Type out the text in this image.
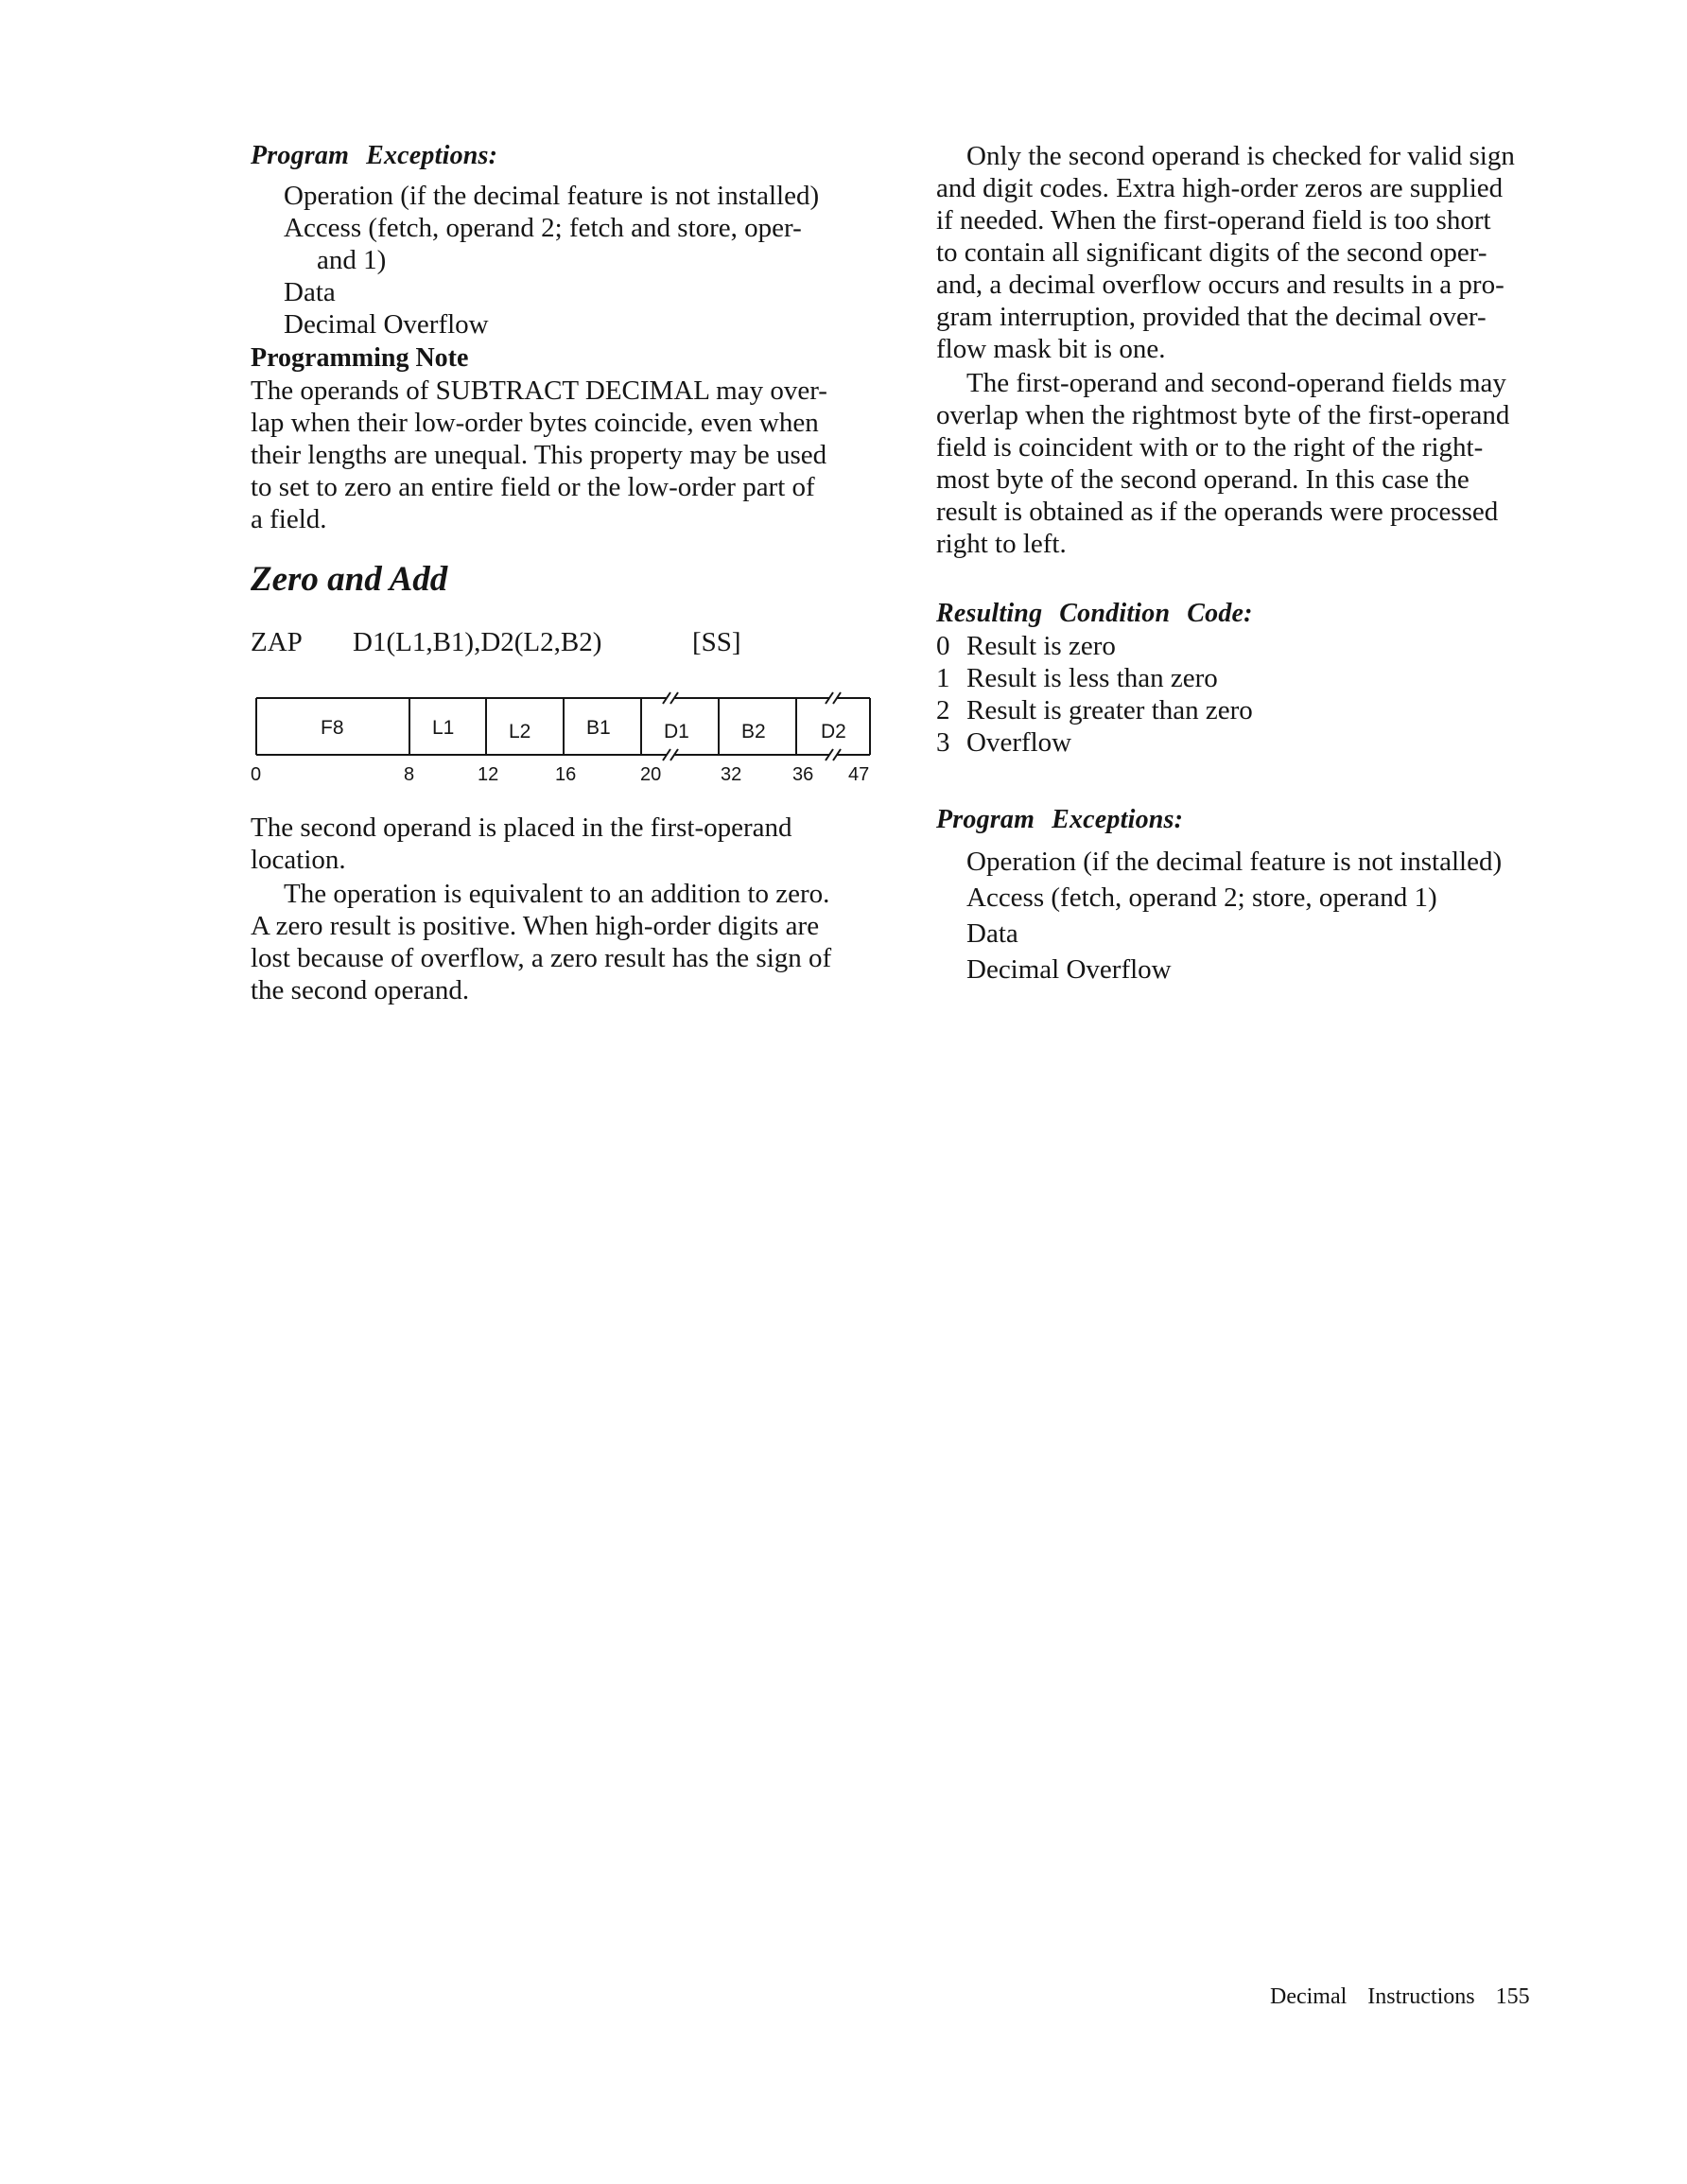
Program Exceptions:
Operation (if the decimal feature is not installed)
Access (fetch, operand 2; fetch and store, oper-
and 1)
Data
Decimal Overflow
Programming Note
The operands of SUBTRACT DECIMAL may over-
lap when their low-order bytes coincide, even when
their lengths are unequal. This property may be used
to set to zero an entire field or the low-order part of
a field.
Zero and Add
ZAP D1(L1,B1),D2(L2,B2)	[SS]
F8	L1	L2	B1	D1	B2	D2
0	8	12	16	20	32	36 47
The second operand is placed in the first-operand
location.
The operation is equivalent to an addition to zero.
A zero result is positive. When high-order digits are
lost because of overflow, a zero result has the sign of
the second operand.
Only the second operand is checked for valid sign
and digit codes. Extra high-order zeros are supplied
if needed. When the first-operand field is too short
to contain all significant digits of the second oper-
and, a decimal overflow occurs and results in a pro-
gram interruption, provided that the decimal over-
flow mask bit is one.
The first-operand and second-operand fields may
overlap when the rightmost byte of the first-operand
field is coincident with or to the right of the right-
most byte of the second operand. In this case the
result is obtained as if the operands were processed
right to left.
Resulting Condition Code:
0 Result is zero
1 Result is less than zero
2 Result is greater than zero
3 Overflow
Program Exceptions:
Operation (if the decimal feature is not installed)
Access (fetch, operand 2; store, operand 1)
Data
Decimal Overflow
Decimal Instructions 155
